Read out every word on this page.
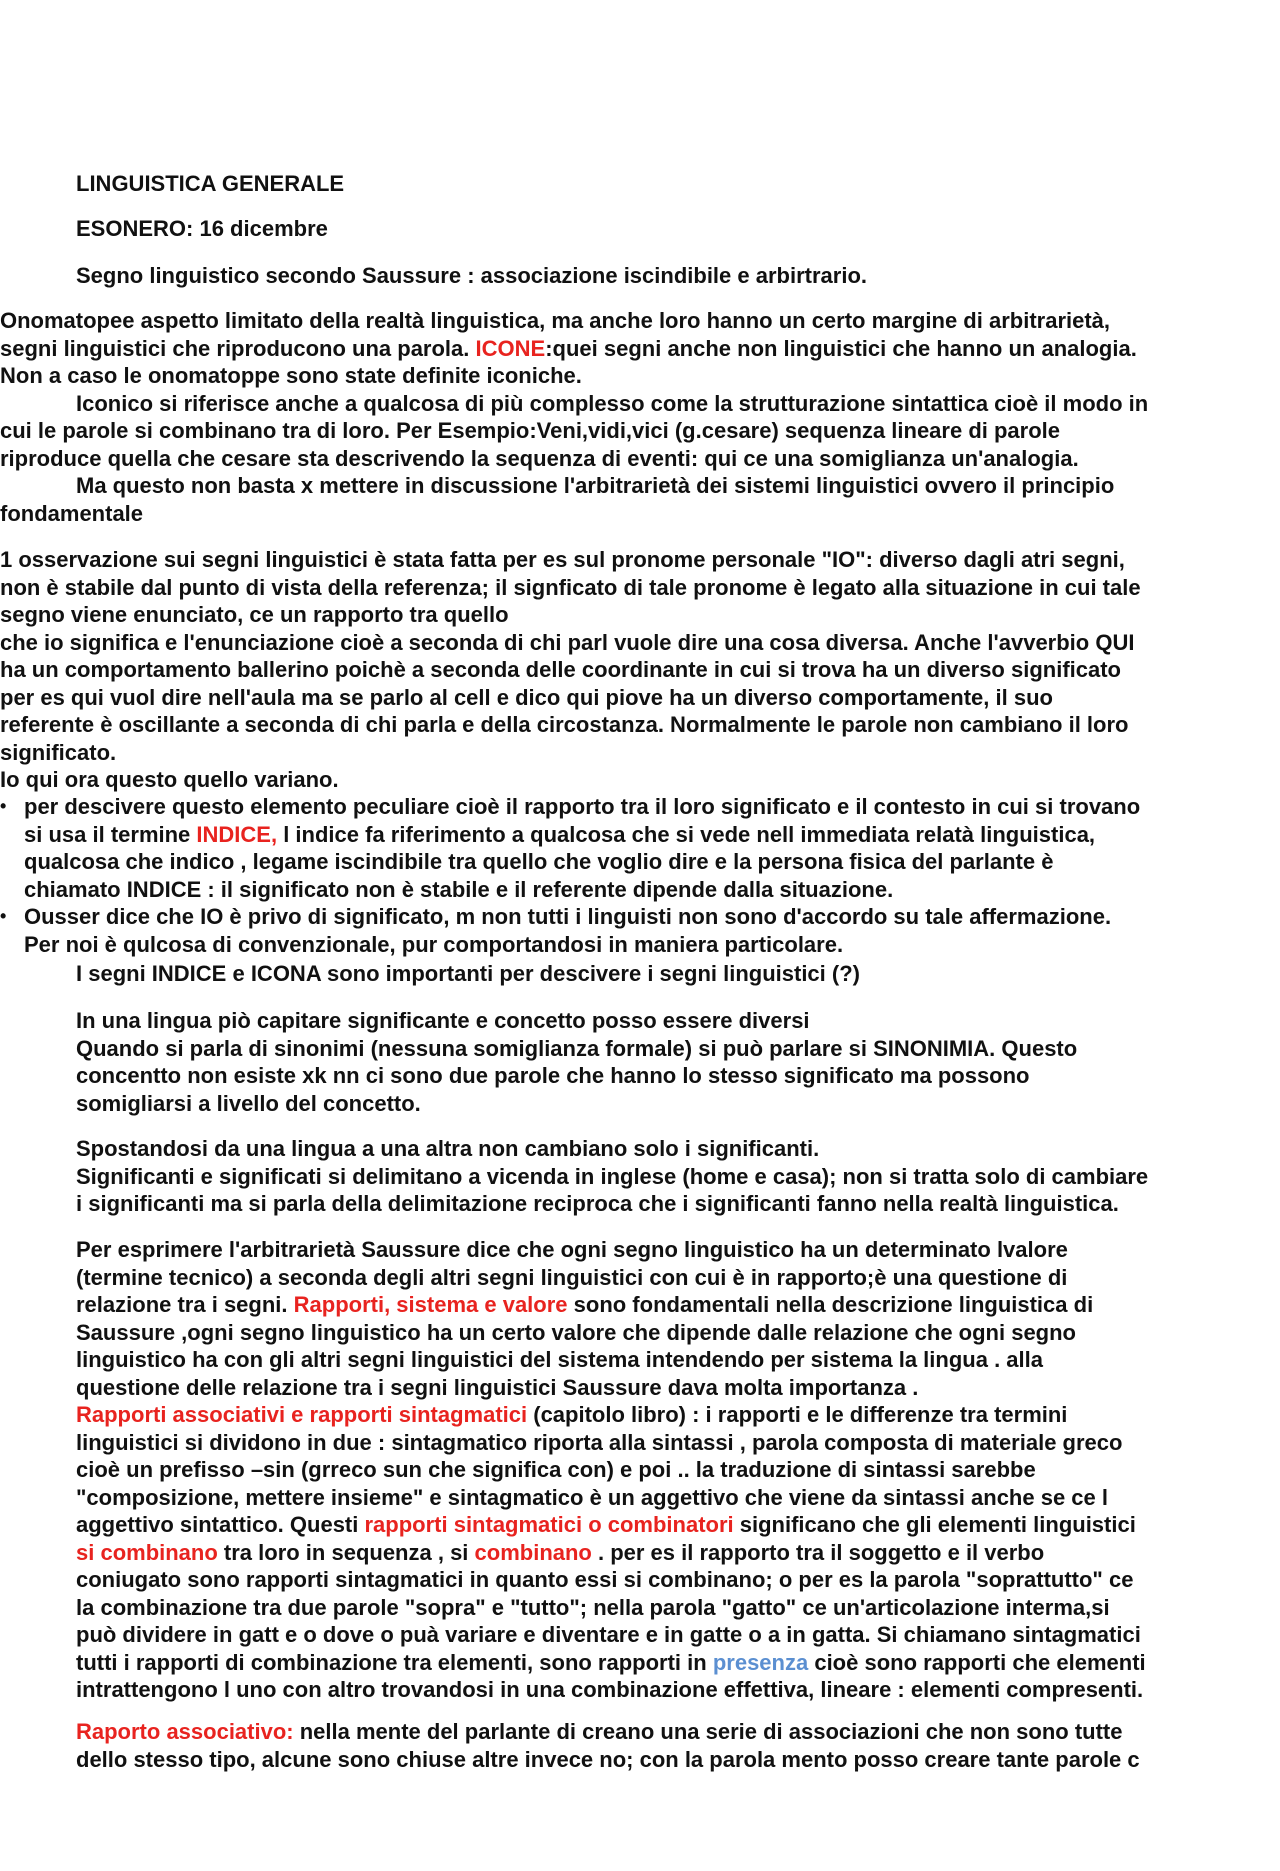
LINGUISTICA GENERALE
ESONERO: 16 dicembre
Segno linguistico secondo Saussure : associazione iscindibile e arbirtrario.
Onomatopee aspetto limitato della realtà linguistica, ma anche loro hanno un certo margine di arbitrarietà,
segni linguistici che riproducono una parola. ICONE:quei segni anche non linguistici che hanno un analogia.
Non a caso le onomatoppe sono state definite iconiche.
Iconico si riferisce anche a qualcosa di più complesso come la strutturazione sintattica cioè il modo in
cui le parole si combinano tra di loro. Per Esempio:Veni,vidi,vici (g.cesare) sequenza lineare di parole
riproduce quella che cesare sta descrivendo la sequenza di eventi: qui ce una somiglianza un'analogia.
Ma questo non basta x mettere in discussione l'arbitrarietà dei sistemi linguistici ovvero il principio
fondamentale
1 osservazione sui segni linguistici è stata fatta per es sul pronome personale "IO": diverso dagli atri segni,
non è stabile dal punto di vista della referenza; il signficato di tale pronome è legato alla situazione in cui tale
segno viene enunciato, ce un rapporto tra quello
che io significa e l'enunciazione cioè a seconda di chi parl vuole dire una cosa diversa. Anche l'avverbio QUI
ha un comportamento ballerino poichè a seconda delle coordinante in cui si trova ha un diverso significato
per es qui vuol dire nell'aula ma se parlo al cell e dico qui piove ha un diverso comportamente, il suo
referente è oscillante a seconda di chi parla e della circostanza. Normalmente le parole non cambiano il loro
significato.
Io qui ora questo quello variano.
• per descivere questo elemento peculiare cioè il rapporto tra il loro significato e il contesto in cui si trovano
si usa il termine INDICE, l indice fa riferimento a qualcosa che si vede nell immediata relatà linguistica,
qualcosa che indico , legame iscindibile tra quello che voglio dire e la persona fisica del parlante è
chiamato INDICE : il significato non è stabile e il referente dipende dalla situazione.
• Ousser dice che IO è privo di significato, m non tutti i linguisti non sono d'accordo su tale affermazione.
Per noi è qulcosa di convenzionale, pur comportandosi in maniera particolare.
I segni INDICE e ICONA sono importanti per descivere i segni linguistici (?)
In una lingua piò capitare significante e concetto posso essere diversi
Quando si parla di sinonimi (nessuna somiglianza formale) si può parlare si SINONIMIA. Questo
concentto non esiste xk nn ci sono due parole che hanno lo stesso significato ma possono
somigliarsi a livello del concetto.
Spostandosi da una lingua a una altra non cambiano solo i significanti.
Significanti e significati si delimitano a vicenda in inglese (home e casa); non si tratta solo di cambiare
i significanti ma si parla della delimitazione reciproca che i significanti fanno nella realtà linguistica.
Per esprimere l'arbitrarietà Saussure dice che ogni segno linguistico ha un determinato lvalore
(termine tecnico) a seconda degli altri segni linguistici con cui è in rapporto;è una questione di
relazione tra i segni. Rapporti, sistema e valore sono fondamentali nella descrizione linguistica di
Saussure ,ogni segno linguistico ha un certo valore che dipende dalle relazione che ogni segno
linguistico ha con gli altri segni linguistici del sistema intendendo per sistema la lingua . alla
questione delle relazione tra i segni linguistici Saussure dava molta importanza .
Rapporti associativi e rapporti sintagmatici (capitolo libro) : i rapporti e le differenze tra termini
linguistici si dividono in due : sintagmatico riporta alla sintassi , parola composta di materiale greco
cioè un prefisso –sin (grreco sun che significa con) e poi .. la traduzione di sintassi sarebbe
"composizione, mettere insieme" e sintagmatico è un aggettivo che viene da sintassi anche se ce l
aggettivo sintattico. Questi rapporti sintagmatici o combinatori significano che gli elementi linguistici
si combinano tra loro in sequenza , si combinano . per es il rapporto tra il soggetto e il verbo
coniugato sono rapporti sintagmatici in quanto essi si combinano; o per es la parola "soprattutto" ce
la combinazione tra due parole "sopra" e "tutto"; nella parola "gatto" ce un'articolazione interma,si
può dividere in gatt e o dove o puà variare e diventare e in gatte o a in gatta. Si chiamano sintagmatici
tutti i rapporti di combinazione tra elementi, sono rapporti in presenza cioè sono rapporti che elementi
intrattengono l uno con altro trovandosi in una combinazione effettiva, lineare : elementi compresenti.
Raporto associativo: nella mente del parlante di creano una serie di associazioni che non sono tutte
dello stesso tipo, alcune sono chiuse altre invece no; con la parola mento posso creare tante parole c
